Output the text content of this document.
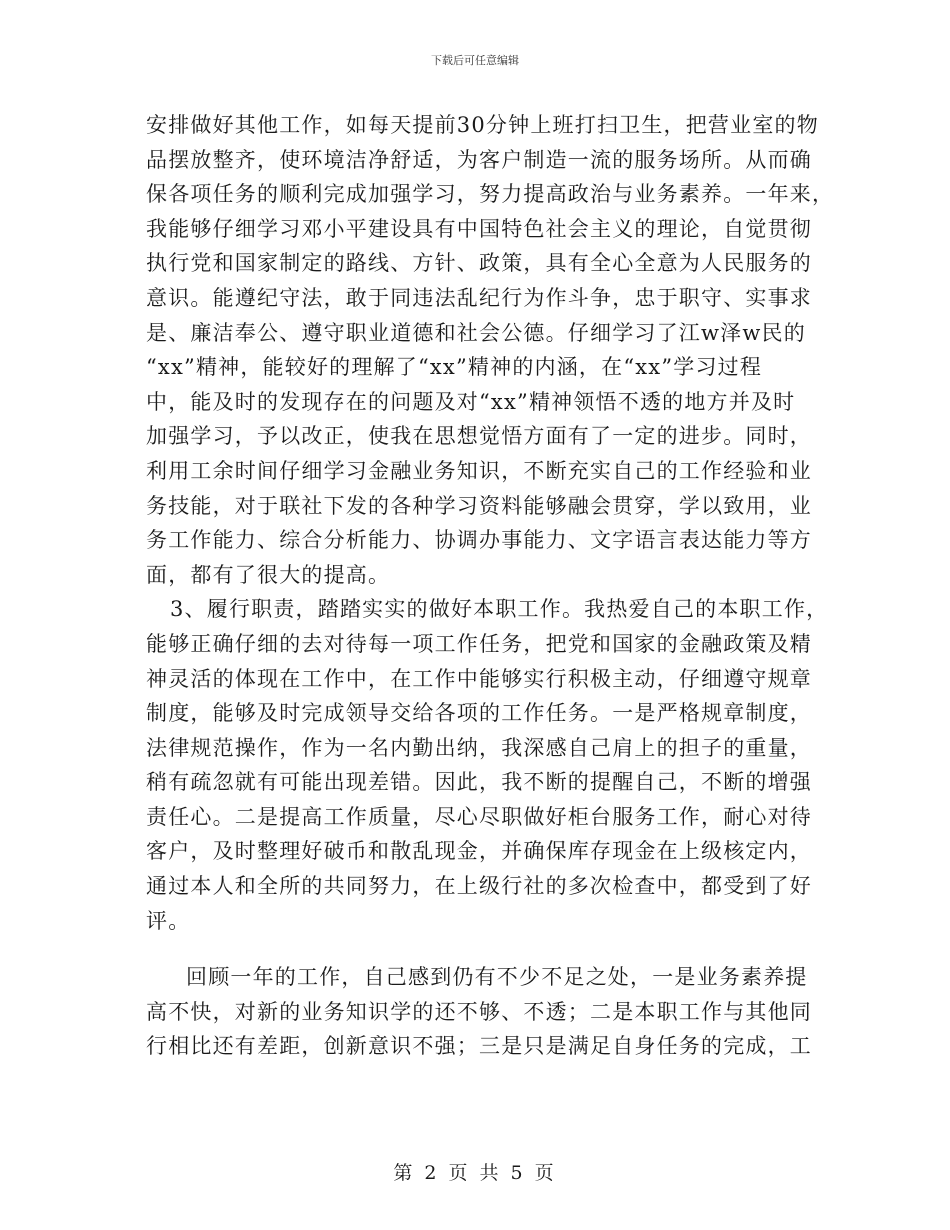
下载后可任意编辑
安排做好其他工作，如每天提前30分钟上班打扫卫生，把营业室的物
品摆放整齐，使环境洁净舒适，为客户制造一流的服务场所。从而确
保各项任务的顺利完成加强学习，努力提高政治与业务素养。一年来，
我能够仔细学习邓小平建设具有中国特色社会主义的理论，自觉贯彻
执行党和国家制定的路线、方针、政策，具有全心全意为人民服务的
意识。能遵纪守法，敢于同违法乱纪行为作斗争，忠于职守、实事求
是、廉洁奉公、遵守职业道德和社会公德。仔细学习了江w泽w民的
“xx”精神，能较好的理解了“xx”精神的内涵，在“xx”学习过程
中，能及时的发现存在的问题及对“xx”精神领悟不透的地方并及时
加强学习，予以改正，使我在思想觉悟方面有了一定的进步。同时，
利用工余时间仔细学习金融业务知识，不断充实自己的工作经验和业
务技能，对于联社下发的各种学习资料能够融会贯穿，学以致用，业
务工作能力、综合分析能力、协调办事能力、文字语言表达能力等方
面，都有了很大的提高。
3、履行职责，踏踏实实的做好本职工作。我热爱自己的本职工作，
能够正确仔细的去对待每一项工作任务，把党和国家的金融政策及精
神灵活的体现在工作中，在工作中能够实行积极主动，仔细遵守规章
制度，能够及时完成领导交给各项的工作任务。一是严格规章制度，
法律规范操作，作为一名内勤出纳，我深感自己肩上的担子的重量，
稍有疏忽就有可能出现差错。因此，我不断的提醒自己，不断的增强
责任心。二是提高工作质量，尽心尽职做好柜台服务工作，耐心对待
客户，及时整理好破币和散乱现金，并确保库存现金在上级核定内，
通过本人和全所的共同努力，在上级行社的多次检查中，都受到了好
评。
回顾一年的工作，自己感到仍有不少不足之处，一是业务素养提
高不快，对新的业务知识学的还不够、不透；二是本职工作与其他同
行相比还有差距，创新意识不强；三是只是满足自身任务的完成，工
第 2 页 共 5 页
